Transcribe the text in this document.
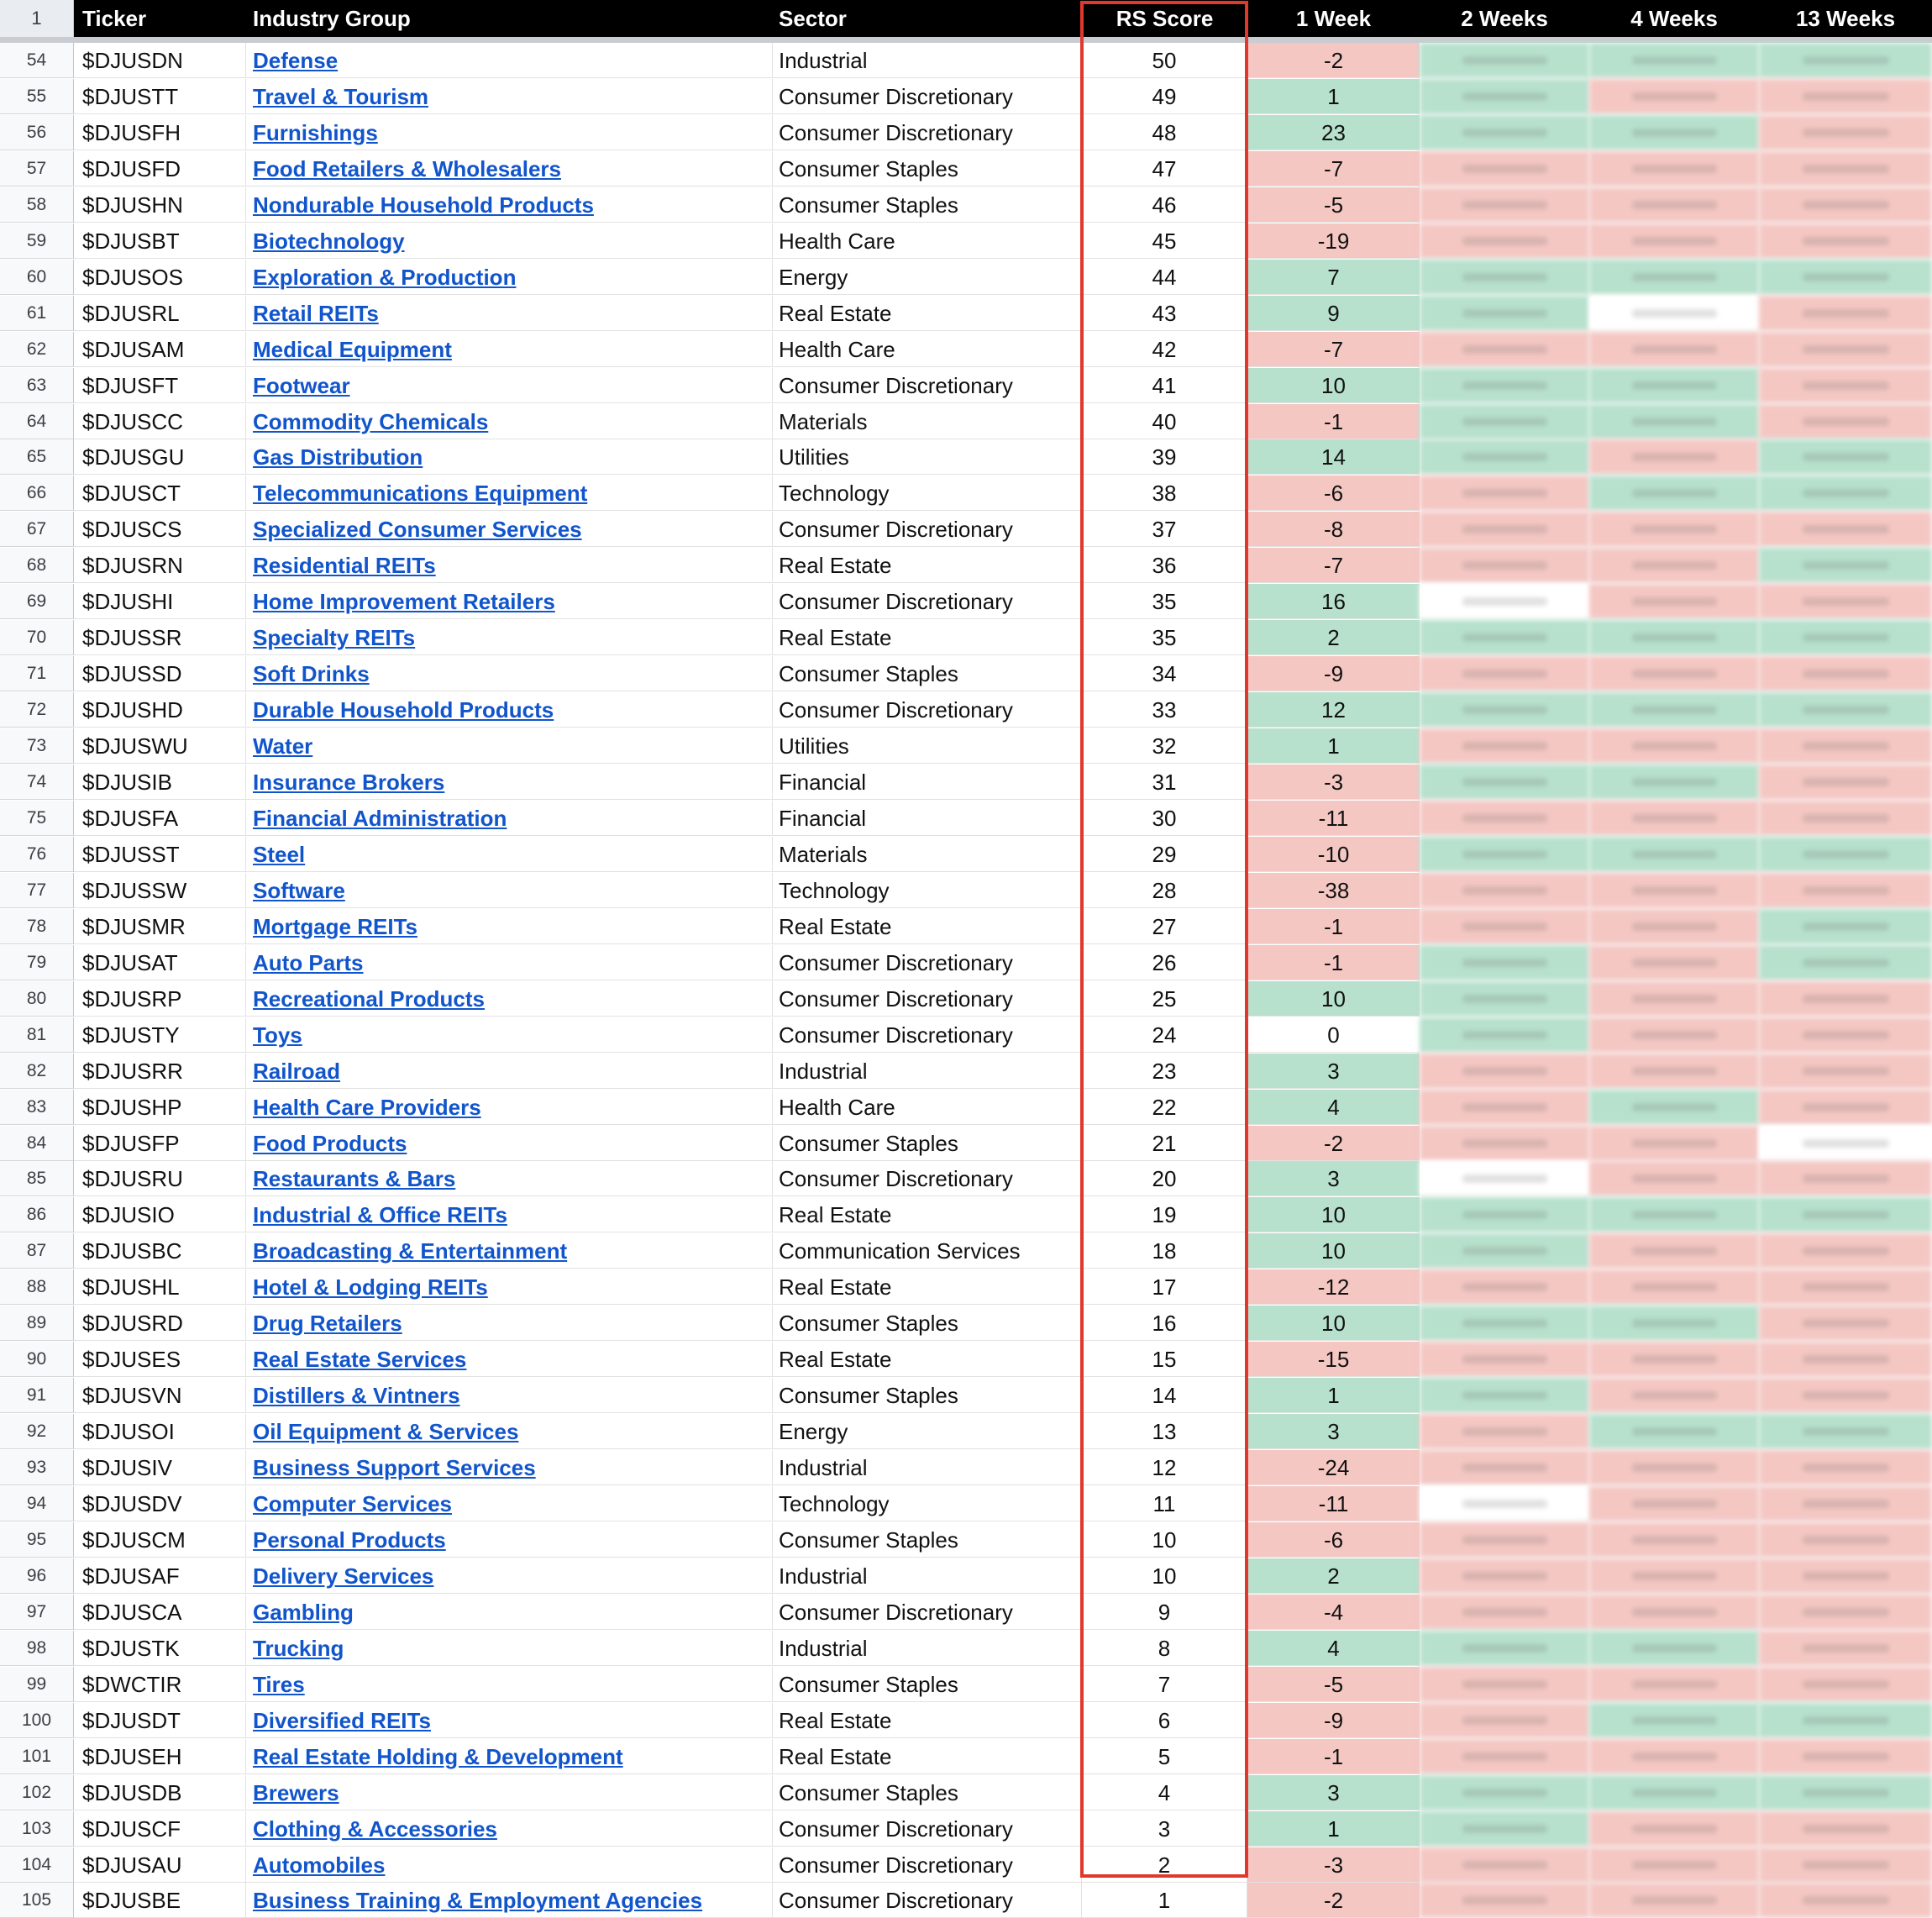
1	Ticker	Industry Group	Sector	RS Score	1 Week	2 Weeks	4 Weeks	13 Weeks
54	$DJUSDN	Defense	Industrial	50	-2
55	$DJUSTT	Travel & Tourism	Consumer Discretionary	49	1
56	$DJUSFH	Furnishings	Consumer Discretionary	48	23
57	$DJUSFD	Food Retailers & Wholesalers	Consumer Staples	47	-7
58	$DJUSHN	Nondurable Household Products	Consumer Staples	46	-5
59	$DJUSBT	Biotechnology	Health Care	45	-19
60	$DJUSOS	Exploration & Production	Energy	44	7
61	$DJUSRL	Retail REITs	Real Estate	43	9
62	$DJUSAM	Medical Equipment	Health Care	42	-7
63	$DJUSFT	Footwear	Consumer Discretionary	41	10
64	$DJUSCC	Commodity Chemicals	Materials	40	-1
65	$DJUSGU	Gas Distribution	Utilities	39	14
66	$DJUSCT	Telecommunications Equipment	Technology	38	-6
67	$DJUSCS	Specialized Consumer Services	Consumer Discretionary	37	-8
68	$DJUSRN	Residential REITs	Real Estate	36	-7
69	$DJUSHI	Home Improvement Retailers	Consumer Discretionary	35	16
70	$DJUSSR	Specialty REITs	Real Estate	35	2
71	$DJUSSD	Soft Drinks	Consumer Staples	34	-9
72	$DJUSHD	Durable Household Products	Consumer Discretionary	33	12
73	$DJUSWU	Water	Utilities	32	1
74	$DJUSIB	Insurance Brokers	Financial	31	-3
75	$DJUSFA	Financial Administration	Financial	30	-11
76	$DJUSST	Steel	Materials	29	-10
77	$DJUSSW	Software	Technology	28	-38
78	$DJUSMR	Mortgage REITs	Real Estate	27	-1
79	$DJUSAT	Auto Parts	Consumer Discretionary	26	-1
80	$DJUSRP	Recreational Products	Consumer Discretionary	25	10
81	$DJUSTY	Toys	Consumer Discretionary	24	0
82	$DJUSRR	Railroad	Industrial	23	3
83	$DJUSHP	Health Care Providers	Health Care	22	4
84	$DJUSFP	Food Products	Consumer Staples	21	-2
85	$DJUSRU	Restaurants & Bars	Consumer Discretionary	20	3
86	$DJUSIO	Industrial & Office REITs	Real Estate	19	10
87	$DJUSBC	Broadcasting & Entertainment	Communication Services	18	10
88	$DJUSHL	Hotel & Lodging REITs	Real Estate	17	-12
89	$DJUSRD	Drug Retailers	Consumer Staples	16	10
90	$DJUSES	Real Estate Services	Real Estate	15	-15
91	$DJUSVN	Distillers & Vintners	Consumer Staples	14	1
92	$DJUSOI	Oil Equipment & Services	Energy	13	3
93	$DJUSIV	Business Support Services	Industrial	12	-24
94	$DJUSDV	Computer Services	Technology	11	-11
95	$DJUSCM	Personal Products	Consumer Staples	10	-6
96	$DJUSAF	Delivery Services	Industrial	10	2
97	$DJUSCA	Gambling	Consumer Discretionary	9	-4
98	$DJUSTK	Trucking	Industrial	8	4
99	$DWCTIR	Tires	Consumer Staples	7	-5
100	$DJUSDT	Diversified REITs	Real Estate	6	-9
101	$DJUSEH	Real Estate Holding & Development	Real Estate	5	-1
102	$DJUSDB	Brewers	Consumer Staples	4	3
103	$DJUSCF	Clothing & Accessories	Consumer Discretionary	3	1
104	$DJUSAU	Automobiles	Consumer Discretionary	2	-3
105	$DJUSBE	Business Training & Employment Agencies	Consumer Discretionary	1	-2
